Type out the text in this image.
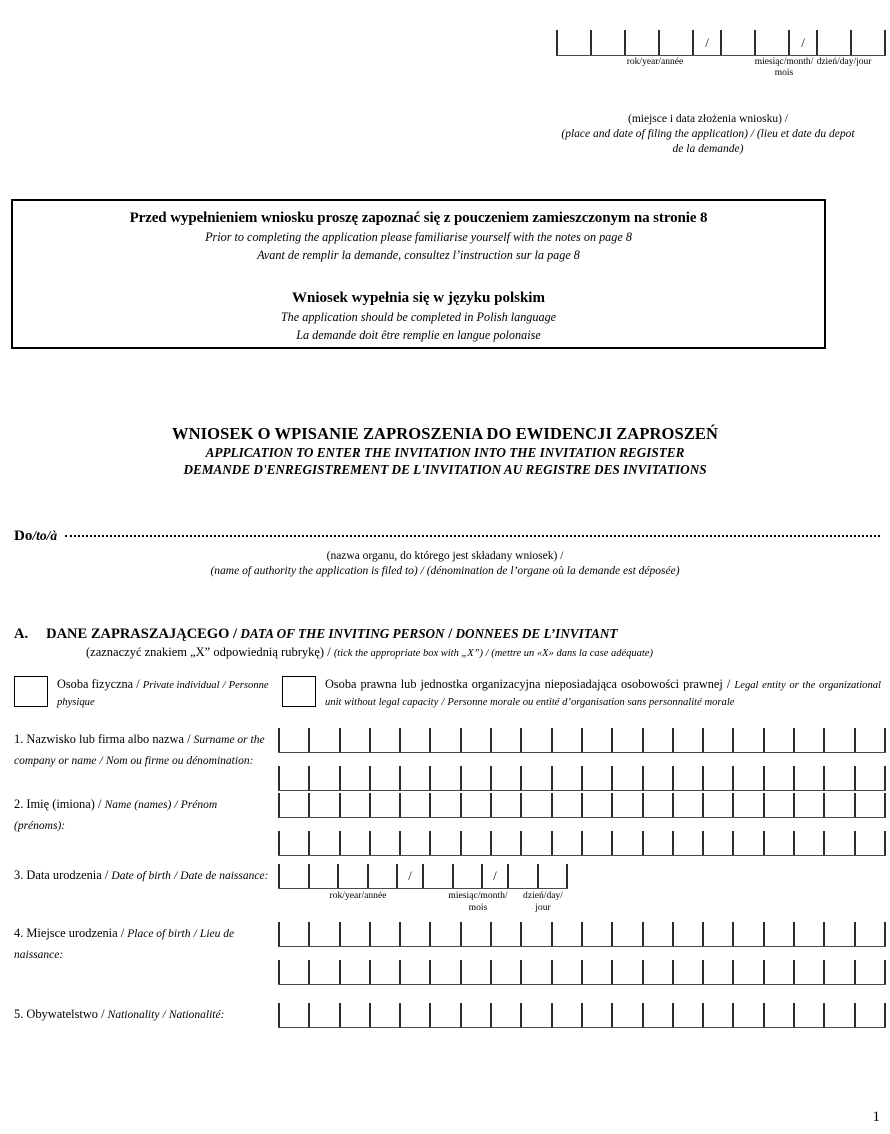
/	/
rok/year/année	miesiąc/month/
mois
dzień/day/jour
(miejsce i data złożenia wniosku) /
(place and date of filing the application) / (lieu et date du depot
de la demande)
Przed wypełnieniem wniosku proszę zapoznać się z pouczeniem zamieszczonym na stronie 8
Prior to completing the application please familiarise yourself with the notes on page 8
Avant de remplir la demande, consultez l’instruction sur la page 8
Wniosek wypełnia się w języku polskim
The application should be completed in Polish language
La demande doit être remplie en langue polonaise
WNIOSEK O WPISANIE ZAPROSZENIA DO EWIDENCJI ZAPROSZEŃ
APPLICATION TO ENTER THE INVITATION INTO THE INVITATION REGISTER
DEMANDE D'ENREGISTREMENT DE L'INVITATION AU REGISTRE DES INVITATIONS
Do/to/à
(nazwa organu, do którego jest składany wniosek) /
(name of authority the application is filed to) / (dénomination de l’organe où la demande est déposée)
A. DANE ZAPRASZAJĄCEGO / DATA OF THE INVITING PERSON / DONNEES DE L’INVITANT
(zaznaczyć znakiem „X” odpowiednią rubrykę) / (tick the appropriate box with „X”) / (mettre un «X» dans la case adéquate)
Osoba fizyczna / Private individual / Personne physique
Osoba prawna lub jednostka organizacyjna nieposiadająca osobowości prawnej / Legal entity or the organizational unit without legal capacity / Personne morale ou entité d’organisation sans personnalité morale
1. Nazwisko lub firma albo nazwa / Surname or the company or name / Nom ou firme ou dénomination:
2. Imię (imiona) / Name (names) / Prénom (prénoms):
3. Data urodzenia / Date of birth / Date de naissance:	/	/
rok/year/année	miesiąc/month/
mois
dzień/day/
jour
4. Miejsce urodzenia / Place of birth / Lieu de naissance:
5. Obywatelstwo / Nationality / Nationalité:
1
